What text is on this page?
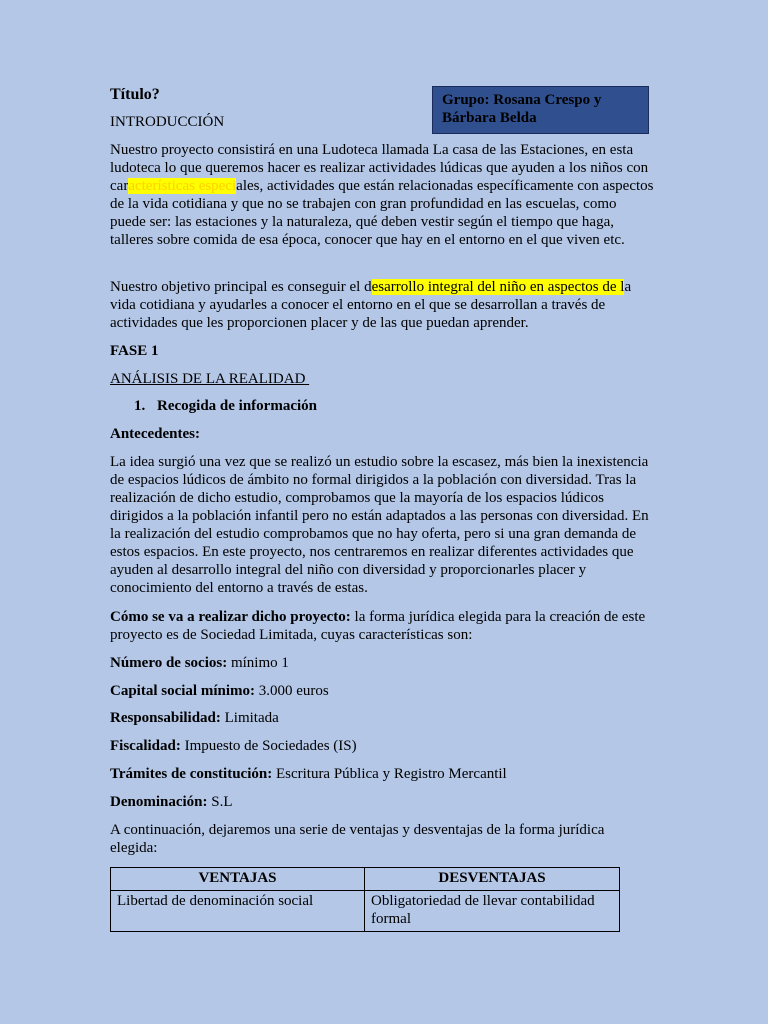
Grupo: Rosana Crespo y Bárbara Belda
Título?
INTRODUCCIÓN

Nuestro proyecto consistirá en una Ludoteca llamada La casa de las Estaciones, en esta ludoteca lo que queremos hacer es realizar actividades lúdicas que ayuden a los niños con características especiales, actividades que están relacionadas específicamente con aspectos de la vida cotidiana y que no se trabajen con gran profundidad en las escuelas, como puede ser: las estaciones y la naturaleza, qué deben vestir según el tiempo que haga, talleres sobre comida de esa época, conocer que hay en el entorno en el que viven etc.

Nuestro objetivo principal es conseguir el desarrollo integral del niño en aspectos de la vida cotidiana y ayudarles a conocer el entorno en el que se desarrollan a través de actividades que les proporcionen placer y de las que puedan aprender.

FASE 1
ANÁLISIS DE LA REALIDAD
1. Recogida de información
Antecedentes:

La idea surgió una vez que se realizó un estudio sobre la escasez, más bien la inexistencia de espacios lúdicos de ámbito no formal dirigidos a la población con diversidad. Tras la realización de dicho estudio, comprobamos que la mayoría de los espacios lúdicos dirigidos a la población infantil pero no están adaptados a las personas con diversidad. En la realización del estudio comprobamos que no hay oferta, pero si una gran demanda de estos espacios. En este proyecto, nos centraremos en realizar diferentes actividades que ayuden al desarrollo integral del niño con diversidad y proporcionarles placer y conocimiento del entorno a través de estas.

Cómo se va a realizar dicho proyecto: la forma jurídica elegida para la creación de este proyecto es de Sociedad Limitada, cuyas características son:

Número de socios: mínimo 1
Capital social mínimo: 3.000 euros
Responsabilidad: Limitada
Fiscalidad: Impuesto de Sociedades (IS)
Trámites de constitución: Escritura Pública y Registro Mercantil
Denominación: S.L

A continuación, dejaremos una serie de ventajas y desventajas de la forma jurídica elegida:

VENTAJAS	DESVENTAJAS
Libertad de denominación social	Obligatoriedad de llevar contabilidad formal
